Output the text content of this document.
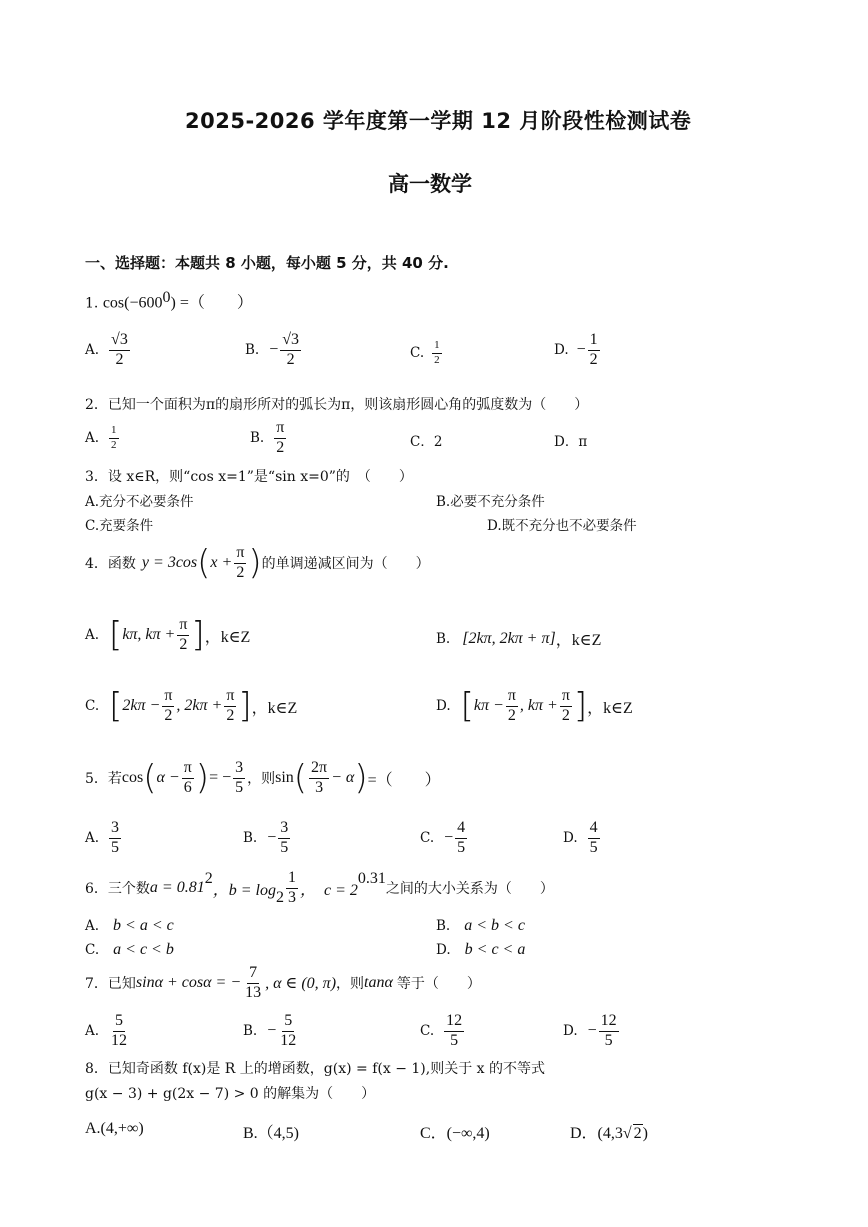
2025-2026 学年度第一学期 12 月阶段性检测试卷
高一数学
一、选择题：本题共 8 小题，每小题 5 分，共 40 分.
1. $\cos(-600^0)$ =（　　）
A. $\frac{√3}{2}$	B. − $\frac{√3}{2}$	C. $\frac{1}{2}$	D. − $\frac{1}{2}$
2．已知一个面积为π的扇形所对的弧长为π，则该扇形圆心角的弧度数为（　　）
A. $\frac{1}{2}$	B. $\frac{\pi}{2}$	C．2	D．π
3．设 x∈R，则“cos x=1”是“sin x=0”的　（　　）
A.充分不必要条件	B.必要不充分条件
C.充要条件	D.既不充分也不必要条件
4．函数 y = 3cos ( $x + \frac{\pi}{2}$ ) 的单调递减区间为（　　）
A. [ kπ, $k\pi + \frac{\pi}{2}$ ] ，k∈Z	B. [2kπ, 2kπ + π] ，k∈Z
C. [ $2k\pi - \frac{\pi}{2}$ , $2k\pi + \frac{\pi}{2}$ ] ，k∈Z	D. [ $k\pi - \frac{\pi}{2}$ , $k\pi + \frac{\pi}{2}$ ] ，k∈Z
5．若 cos ( $\alpha - \frac{\pi}{6}$ ) = − $\frac{3}{5}$ ，则 sin ( $\frac{2\pi}{3} - \alpha$ ) =（　　）
A. $\frac{3}{5}$	B. − $\frac{3}{5}$	C. − $\frac{4}{5}$	D. $\frac{4}{5}$
6．三个数 a = 0.81
2
，$b = \log 2 \frac{1}{3}$ ，　c = 2
0.31
之间的大小关系为（　　）
A. b < a < c	B. a < b < c
C. a < c < b	D. b < c < a
7．已知 sinα + cosα = − $\frac{7}{13}$ , α ∈ (0, π) ，则 tanα 等于（　　）
A. $\frac{5}{12}$	B. − $\frac{5}{12}$	C. $\frac{12}{5}$	D. − $\frac{12}{5}$
8．已知奇函数 f(x)是 R 上的增函数，g(x) = f(x − 1),则关于 x 的不等式
g(x − 3) + g(2x − 7) > 0 的解集为（　　）
A.(4,+∞)	B.（4,5)	C．(−∞,4)	D．(4,3√ 2)
